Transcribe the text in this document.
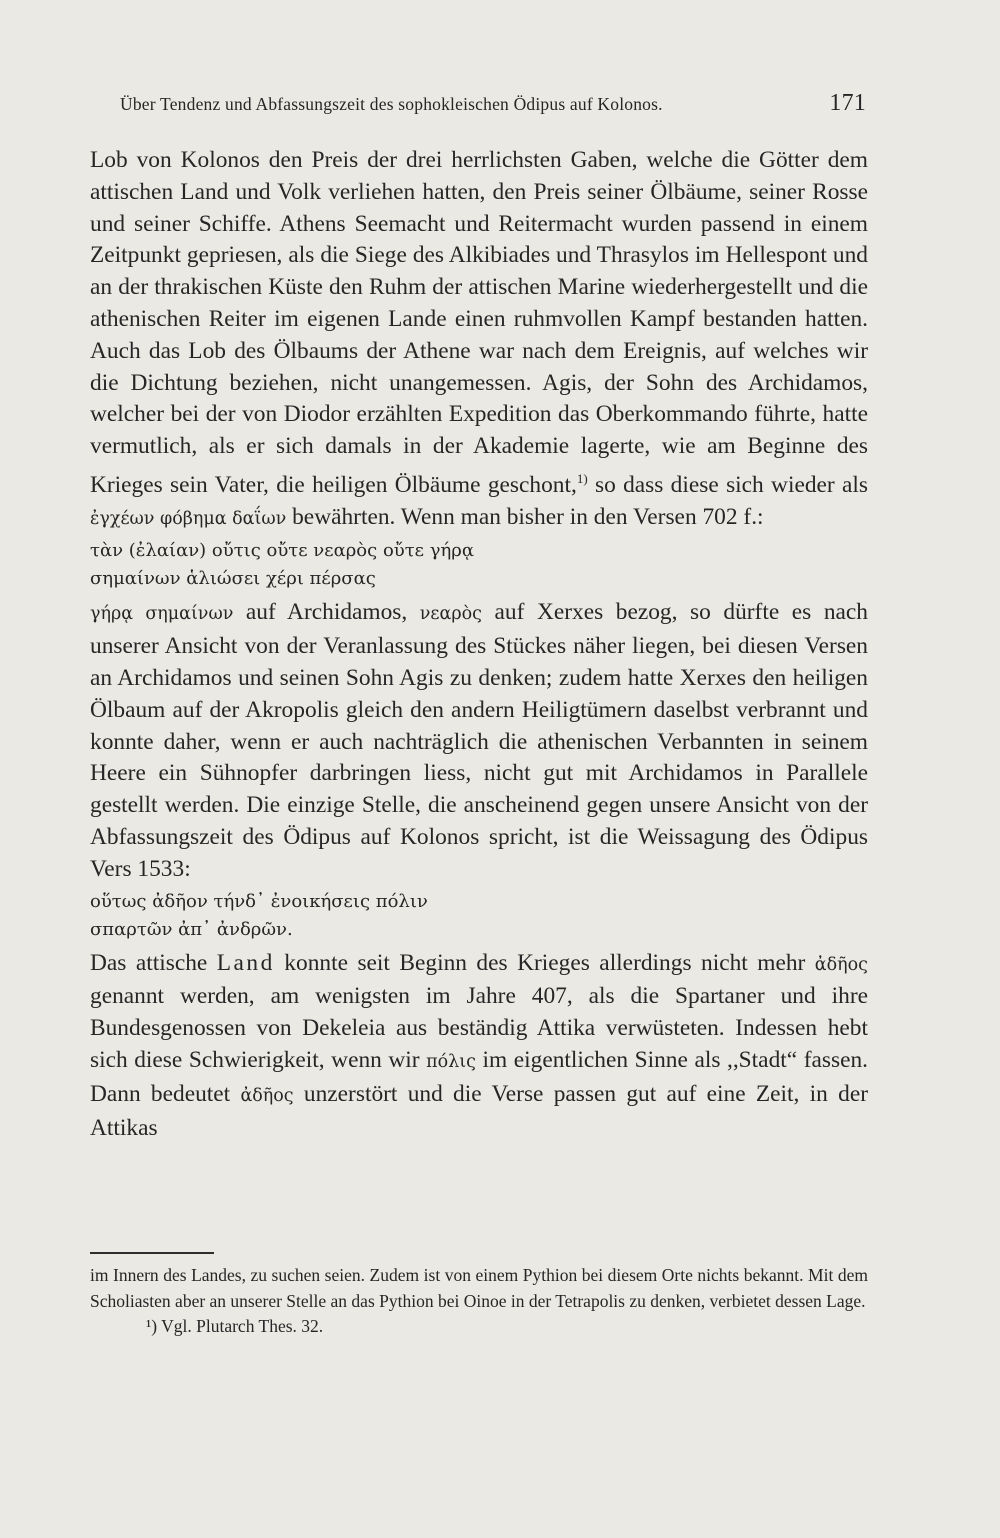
Über Tendenz und Abfassungszeit des sophokleischen Ödipus auf Kolonos.	171

Lob von Kolonos den Preis der drei herrlichsten Gaben, welche die Götter dem attischen Land und Volk verliehen hatten, den Preis seiner Ölbäume, seiner Rosse und seiner Schiffe. Athens Seemacht und Reitermacht wurden passend in einem Zeitpunkt gepriesen, als die Siege des Alkibiades und Thrasylos im Hellespont und an der thrakischen Küste den Ruhm der attischen Marine wiederhergestellt und die athenischen Reiter im eigenen Lande einen ruhmvollen Kampf bestanden hatten. Auch das Lob des Ölbaums der Athene war nach dem Ereignis, auf welches wir die Dichtung beziehen, nicht unangemessen. Agis, der Sohn des Archidamos, welcher bei der von Diodor erzählten Expedition das Oberkommando führte, hatte vermutlich, als er sich damals in der Akademie lagerte, wie am Beginne des Krieges sein Vater, die heiligen Ölbäume geschont,$^{1)}$ so dass diese sich wieder als ἐγχέων φόβημα δαΐων bewährten. Wenn man bisher in den Versen 702 f.:

τὰν (ἐλαίαν) οὔτις οὔτε νεαρὸς οὔτε γήρᾳ

σημαίνων ἁλιώσει χέρι πέρσας

γήρᾳ σημαίνων auf Archidamos, νεαρὸς auf Xerxes bezog, so dürfte es nach unserer Ansicht von der Veranlassung des Stückes näher liegen, bei diesen Versen an Archidamos und seinen Sohn Agis zu denken; zudem hatte Xerxes den heiligen Ölbaum auf der Akropolis gleich den andern Heiligtümern daselbst verbrannt und konnte daher, wenn er auch nachträglich die athenischen Verbannten in seinem Heere ein Sühnopfer darbringen liess, nicht gut mit Archidamos in Parallele gestellt werden. Die einzige Stelle, die anscheinend gegen unsere Ansicht von der Abfassungszeit des Ödipus auf Kolonos spricht, ist die Weissagung des Ödipus Vers 1533:

οὕτως ἀδῆον τήνδ᾽ ἐνοικήσεις πόλιν

σπαρτῶν ἀπ᾽ ἀνδρῶν.

Das attische Land konnte seit Beginn des Krieges allerdings nicht mehr ἀδῆος genannt werden, am wenigsten im Jahre 407, als die Spartaner und ihre Bundesgenossen von Dekeleia aus beständig Attika verwüsteten. Indessen hebt sich diese Schwierigkeit, wenn wir πόλις im eigentlichen Sinne als ,,Stadt“ fassen. Dann bedeutet ἀδῆος unzerstört und die Verse passen gut auf eine Zeit, in der Attikas

im Innern des Landes, zu suchen seien. Zudem ist von einem Pythion bei diesem Orte nichts bekannt. Mit dem Scholiasten aber an unserer Stelle an das Pythion bei Oinoe in der Tetrapolis zu denken, verbietet dessen Lage.

¹) Vgl. Plutarch Thes. 32.
